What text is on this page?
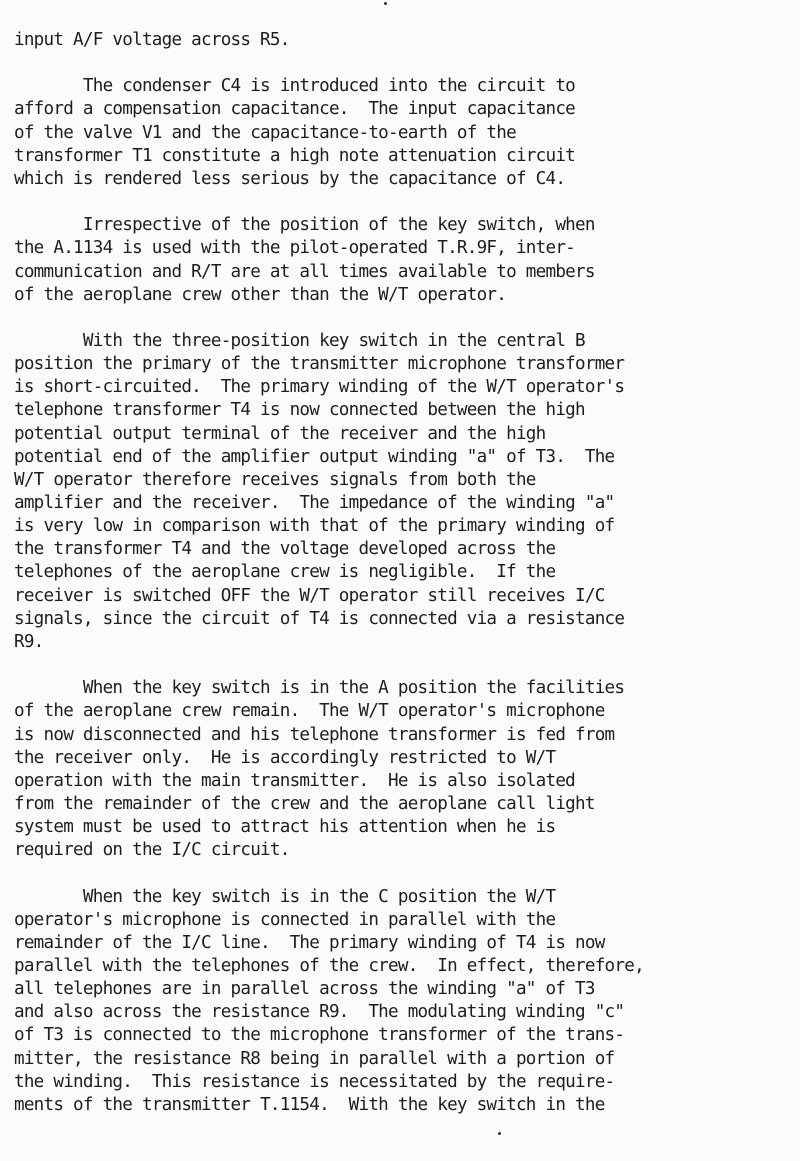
input A/F voltage across R5.
The condenser C4 is introduced into the circuit to
afford a compensation capacitance.  The input capacitance
of the valve V1 and the capacitance-to-earth of the
transformer T1 constitute a high note attenuation circuit
which is rendered less serious by the capacitance of C4.
Irrespective of the position of the key switch, when
the A.1134 is used with the pilot-operated T.R.9F, inter-
communication and R/T are at all times available to members
of the aeroplane crew other than the W/T operator.
With the three-position key switch in the central B
position the primary of the transmitter microphone transformer
is short-circuited.  The primary winding of the W/T operator's
telephone transformer T4 is now connected between the high
potential output terminal of the receiver and the high
potential end of the amplifier output winding "a" of T3.  The
W/T operator therefore receives signals from both the
amplifier and the receiver.  The impedance of the winding "a"
is very low in comparison with that of the primary winding of
the transformer T4 and the voltage developed across the
telephones of the aeroplane crew is negligible.  If the
receiver is switched OFF the W/T operator still receives I/C
signals, since the circuit of T4 is connected via a resistance
R9.
When the key switch is in the A position the facilities
of the aeroplane crew remain.  The W/T operator's microphone
is now disconnected and his telephone transformer is fed from
the receiver only.  He is accordingly restricted to W/T
operation with the main transmitter.  He is also isolated
from the remainder of the crew and the aeroplane call light
system must be used to attract his attention when he is
required on the I/C circuit.
When the key switch is in the C position the W/T
operator's microphone is connected in parallel with the
remainder of the I/C line.  The primary winding of T4 is now
parallel with the telephones of the crew.  In effect, therefore,
all telephones are in parallel across the winding "a" of T3
and also across the resistance R9.  The modulating winding "c"
of T3 is connected to the microphone transformer of the trans-
mitter, the resistance R8 being in parallel with a portion of
the winding.  This resistance is necessitated by the require-
ments of the transmitter T.1154.  With the key switch in the
